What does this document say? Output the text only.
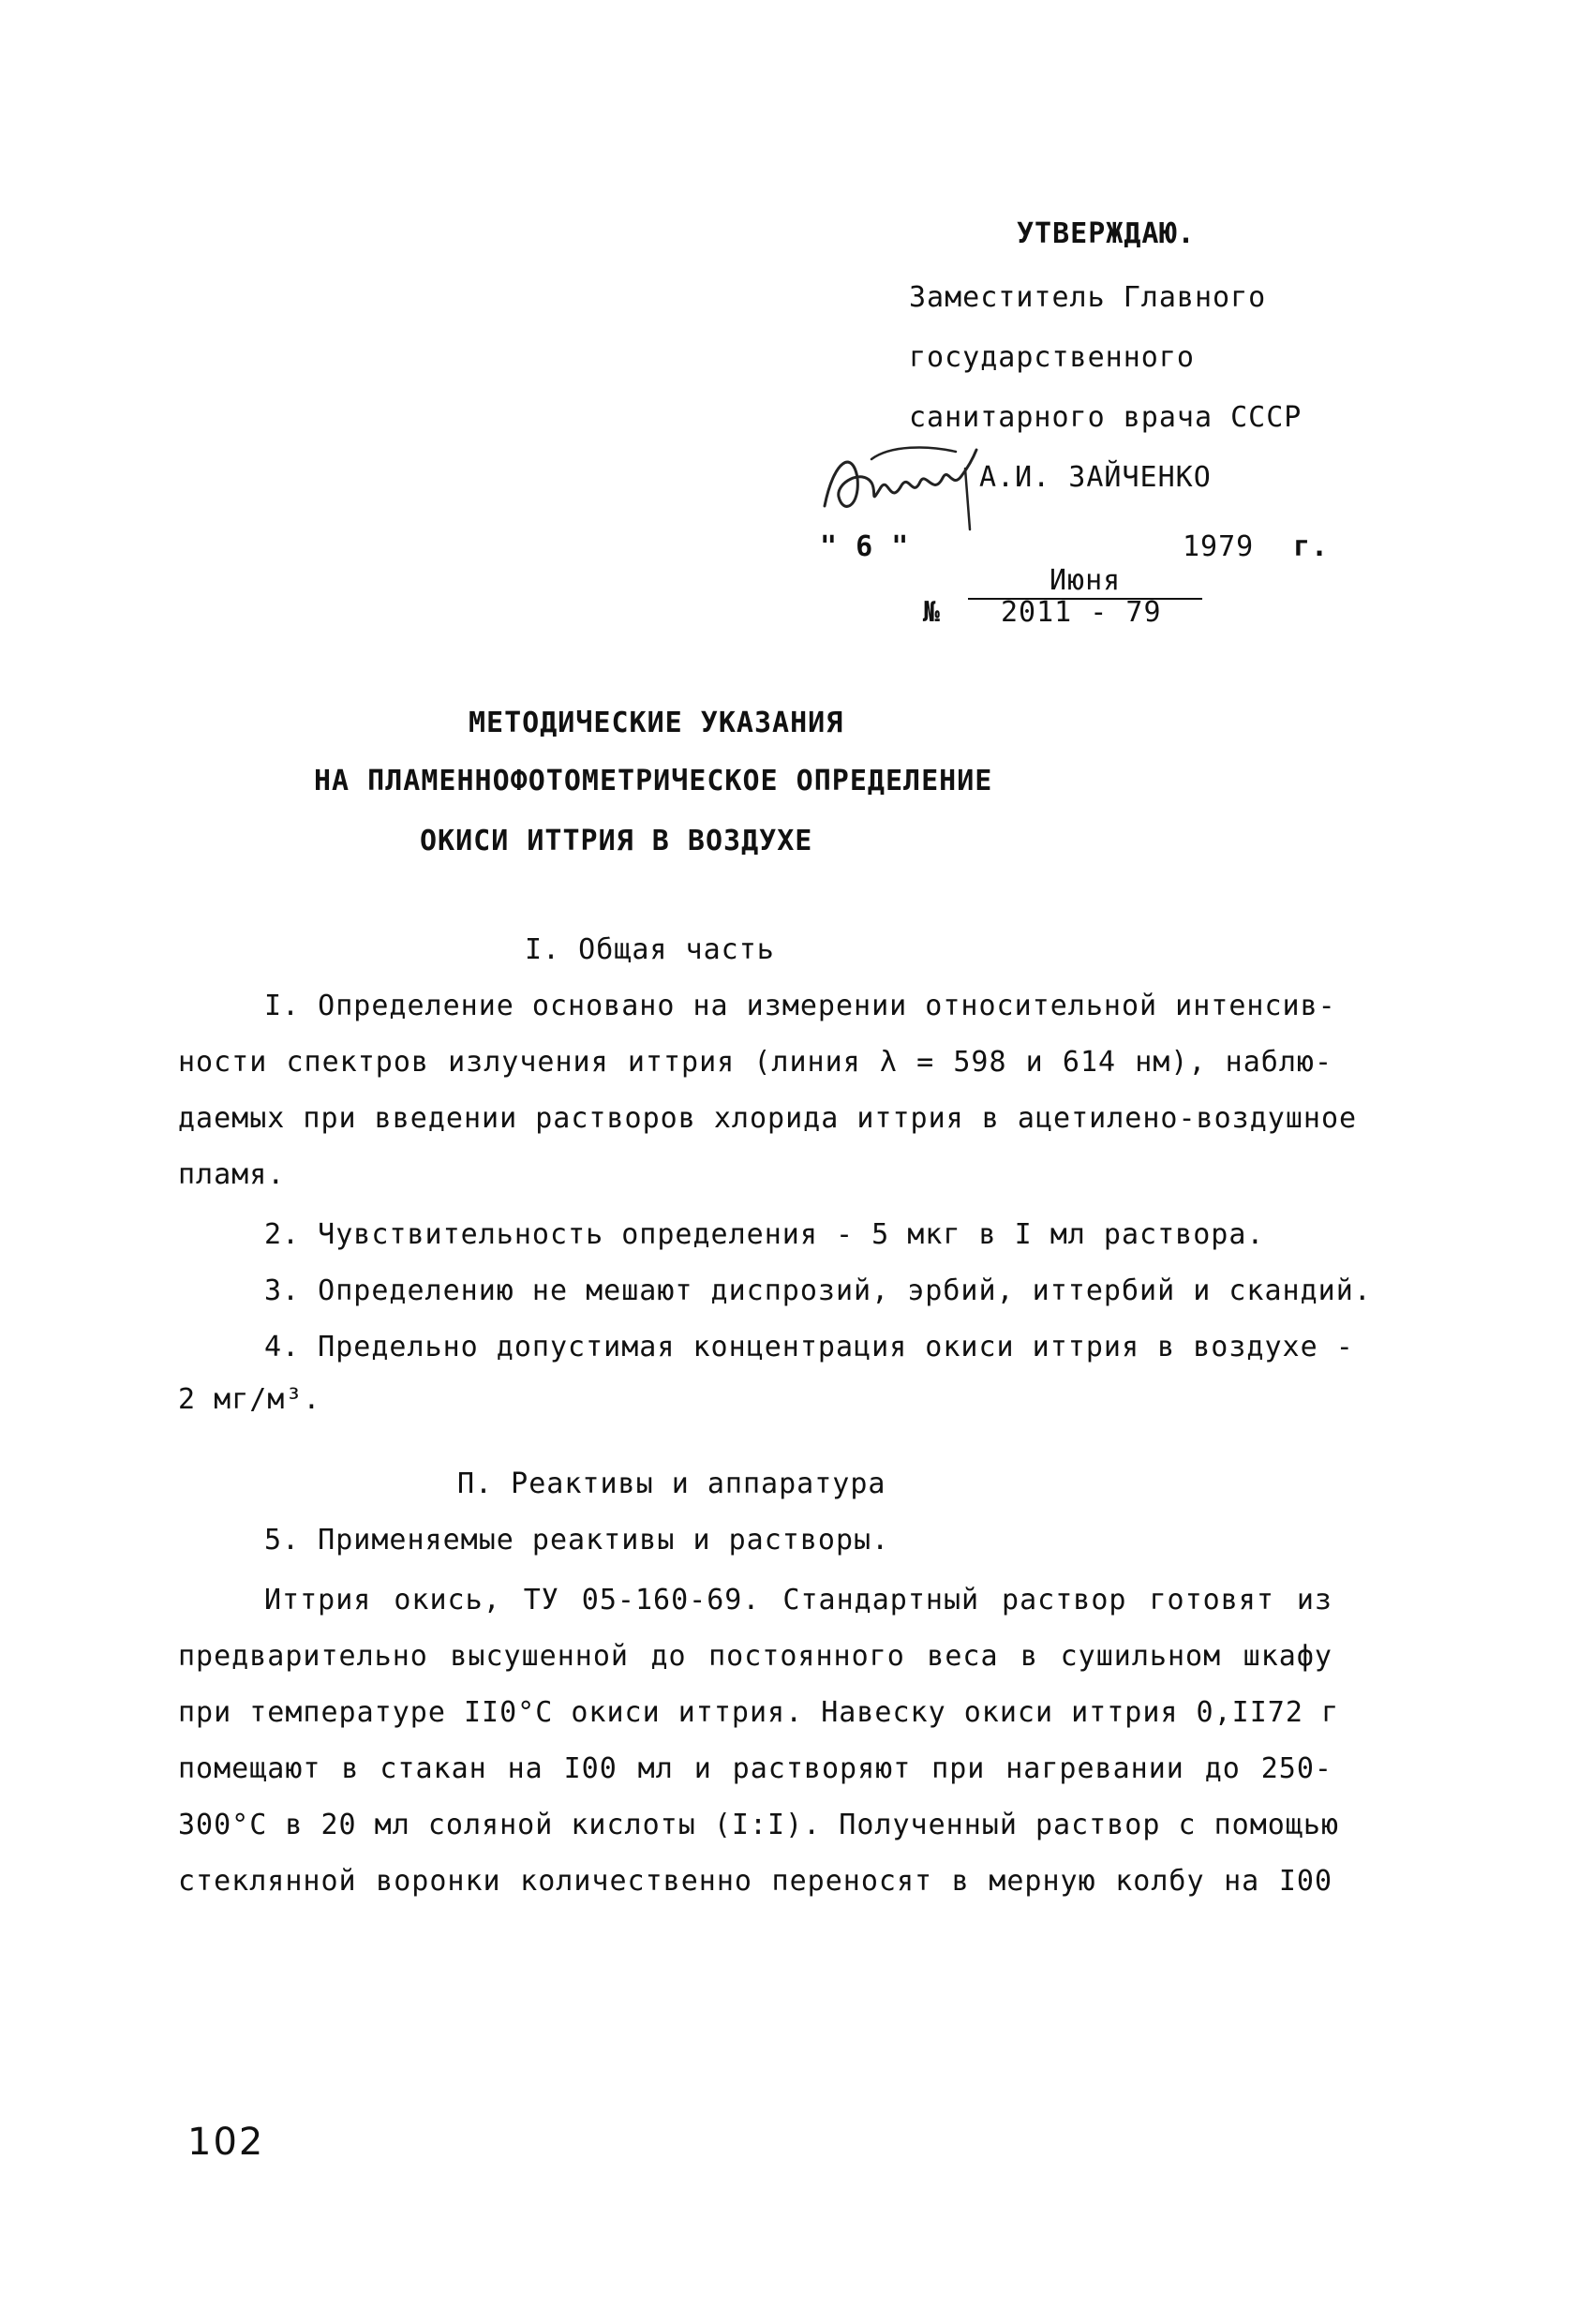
УТВЕРЖДАЮ.
Заместитель Главного
государственного
санитарного врача СССР
А.И. ЗАЙЧЕНКО
" 6 "

Июня

1979 г.
№ 2011 - 79
МЕТОДИЧЕСКИЕ УКАЗАНИЯ
НА ПЛАМЕННОФОТОМЕТРИЧЕСКОЕ ОПРЕДЕЛЕНИЕ
ОКИСИ ИТТРИЯ В ВОЗДУХЕ
I. Общая часть
I. Определение основано на измерении относительной интенсив-
ности спектров излучения иттрия (линия λ = 598 и 614 нм), наблю-
даемых при введении растворов хлорида иттрия в ацетилено-воздушное
пламя.
2. Чувствительность определения - 5 мкг в I мл раствора.
3. Определению не мешают диспрозий, эрбий, иттербий и скандий.
4. Предельно допустимая концентрация окиси иттрия в воздухе -
2 мг/м³.
П. Реактивы и аппаратура
5. Применяемые реактивы и растворы.
Иттрия окись, ТУ 05-160-69. Стандартный раствор готовят из
предварительно высушенной до постоянного веса в сушильном шкафу
при температуре II0°С окиси иттрия. Навеску окиси иттрия 0,II72 г
помещают в стакан на I00 мл и растворяют при нагревании до 250-
300°С в 20 мл соляной кислоты (I:I). Полученный раствор с помощью
стеклянной воронки количественно переносят в мерную колбу на I00
102
